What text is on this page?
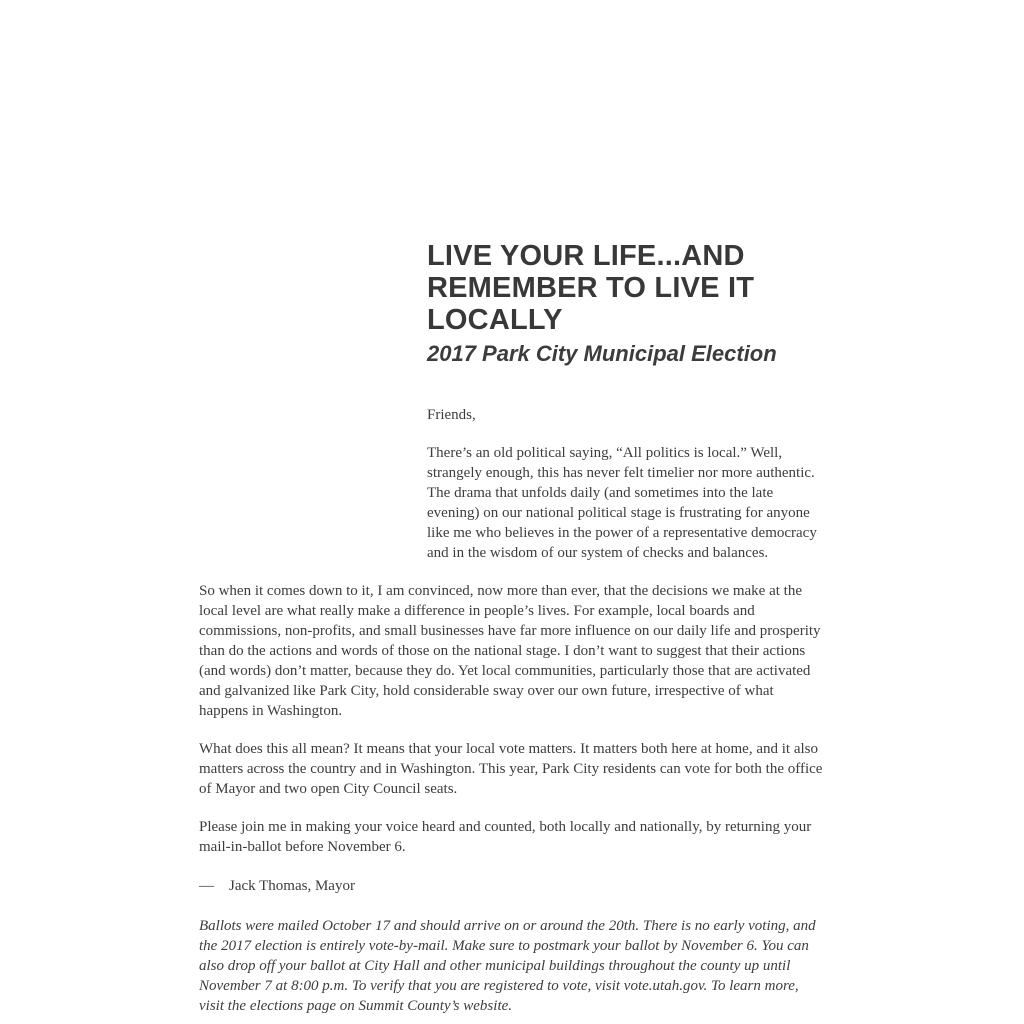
LIVE YOUR LIFE...AND REMEMBER TO LIVE IT LOCALLY
2017 Park City Municipal Election

Friends,

There’s an old political saying, “All politics is local.” Well, strangely enough, this has never felt timelier nor more authentic. The drama that unfolds daily (and sometimes into the late evening) on our national political stage is frustrating for anyone like me who believes in the power of a representative democracy and in the wisdom of our system of checks and balances.

So when it comes down to it, I am convinced, now more than ever, that the decisions we make at the local level are what really make a difference in people’s lives. For example, local boards and commissions, non-profits, and small businesses have far more influence on our daily life and prosperity than do the actions and words of those on the national stage. I don’t want to suggest that their actions (and words) don’t matter, because they do. Yet local communities, particularly those that are activated and galvanized like Park City, hold considerable sway over our own future, irrespective of what happens in Washington.

What does this all mean? It means that your local vote matters. It matters both here at home, and it also matters across the country and in Washington. This year, Park City residents can vote for both the office of Mayor and two open City Council seats.

Please join me in making your voice heard and counted, both locally and nationally, by returning your mail-in-ballot before November 6.

—    Jack Thomas, Mayor

Ballots were mailed October 17 and should arrive on or around the 20th. There is no early voting, and the 2017 election is entirely vote-by-mail. Make sure to postmark your ballot by November 6. You can also drop off your ballot at City Hall and other municipal buildings throughout the county up until November 7 at 8:00 p.m. To verify that you are registered to vote, visit vote.utah.gov. To learn more, visit the elections page on Summit County’s website.
